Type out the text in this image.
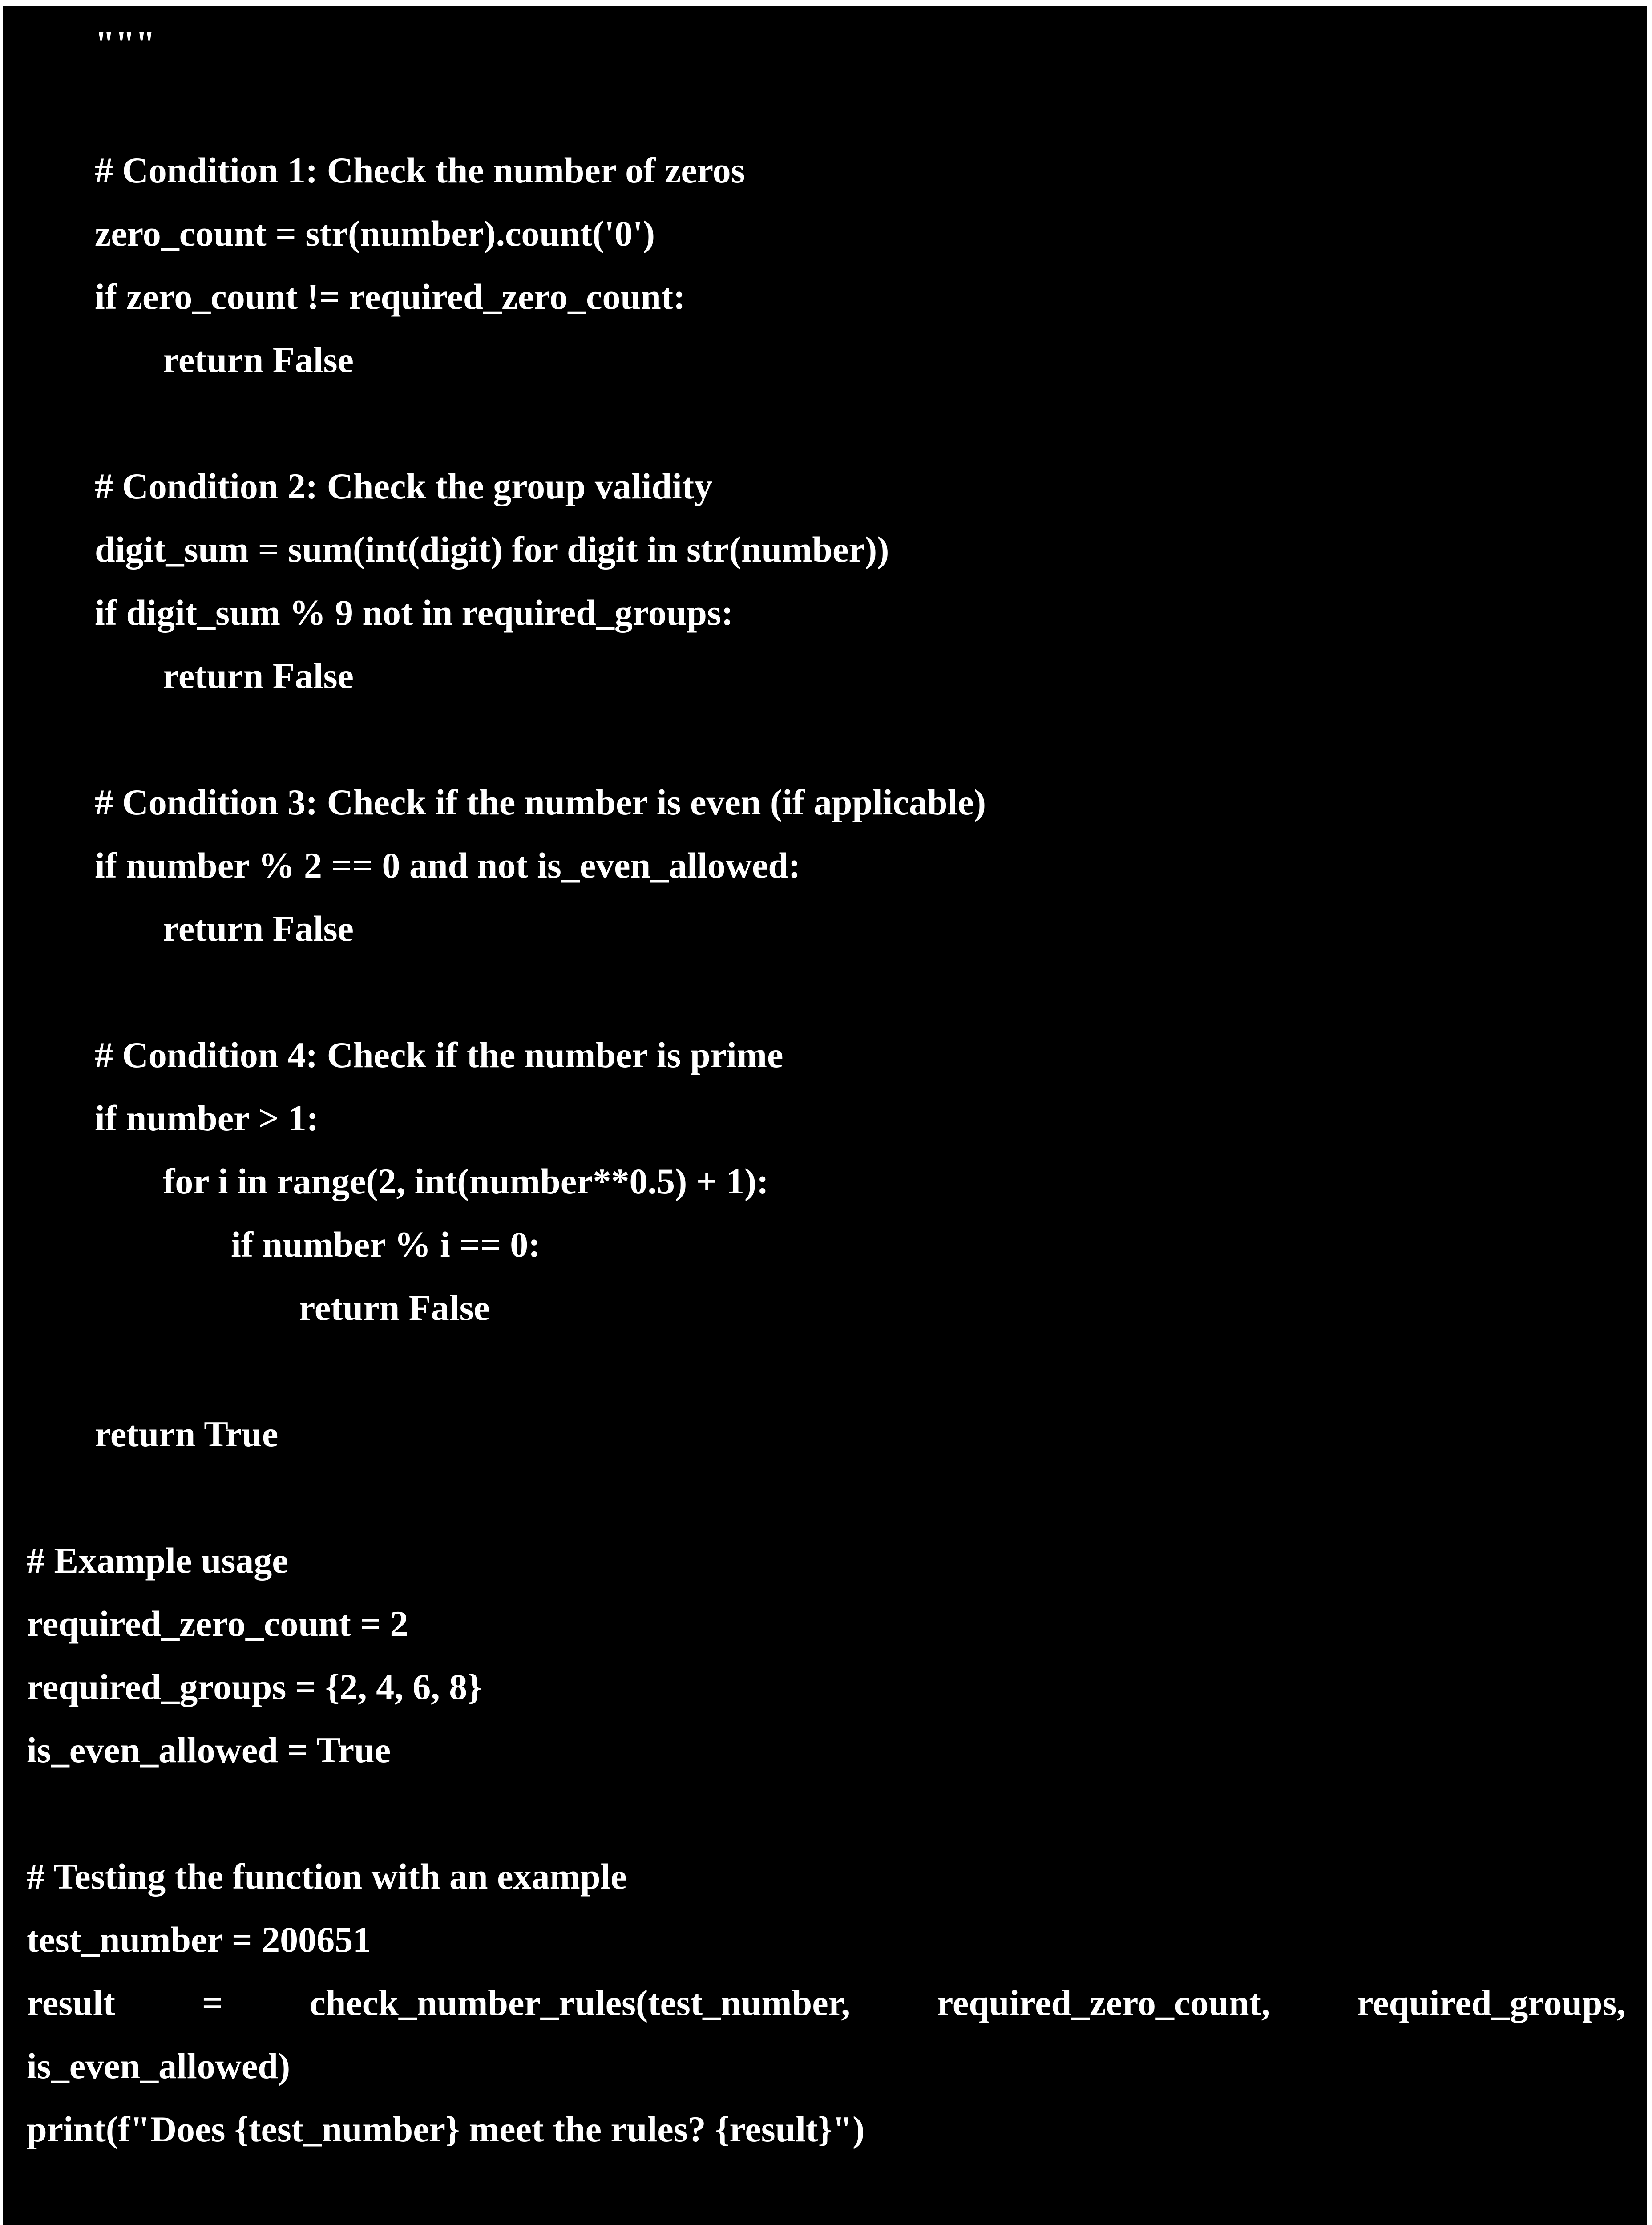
"""
# Condition 1: Check the number of zeros
zero_count = str(number).count('0')
if zero_count != required_zero_count:
return False
# Condition 2: Check the group validity
digit_sum = sum(int(digit) for digit in str(number))
if digit_sum % 9 not in required_groups:
return False
# Condition 3: Check if the number is even (if applicable)
if number % 2 == 0 and not is_even_allowed:
return False
# Condition 4: Check if the number is prime
if number > 1:
for i in range(2, int(number**0.5) + 1):
if number % i == 0:
return False
return True
# Example usage
required_zero_count = 2
required_groups = {2, 4, 6, 8}
is_even_allowed = True
# Testing the function with an example
test_number = 200651
result = check_number_rules(test_number, required_zero_count, required_groups,
is_even_allowed)
print(f"Does {test_number} meet the rules? {result}")
